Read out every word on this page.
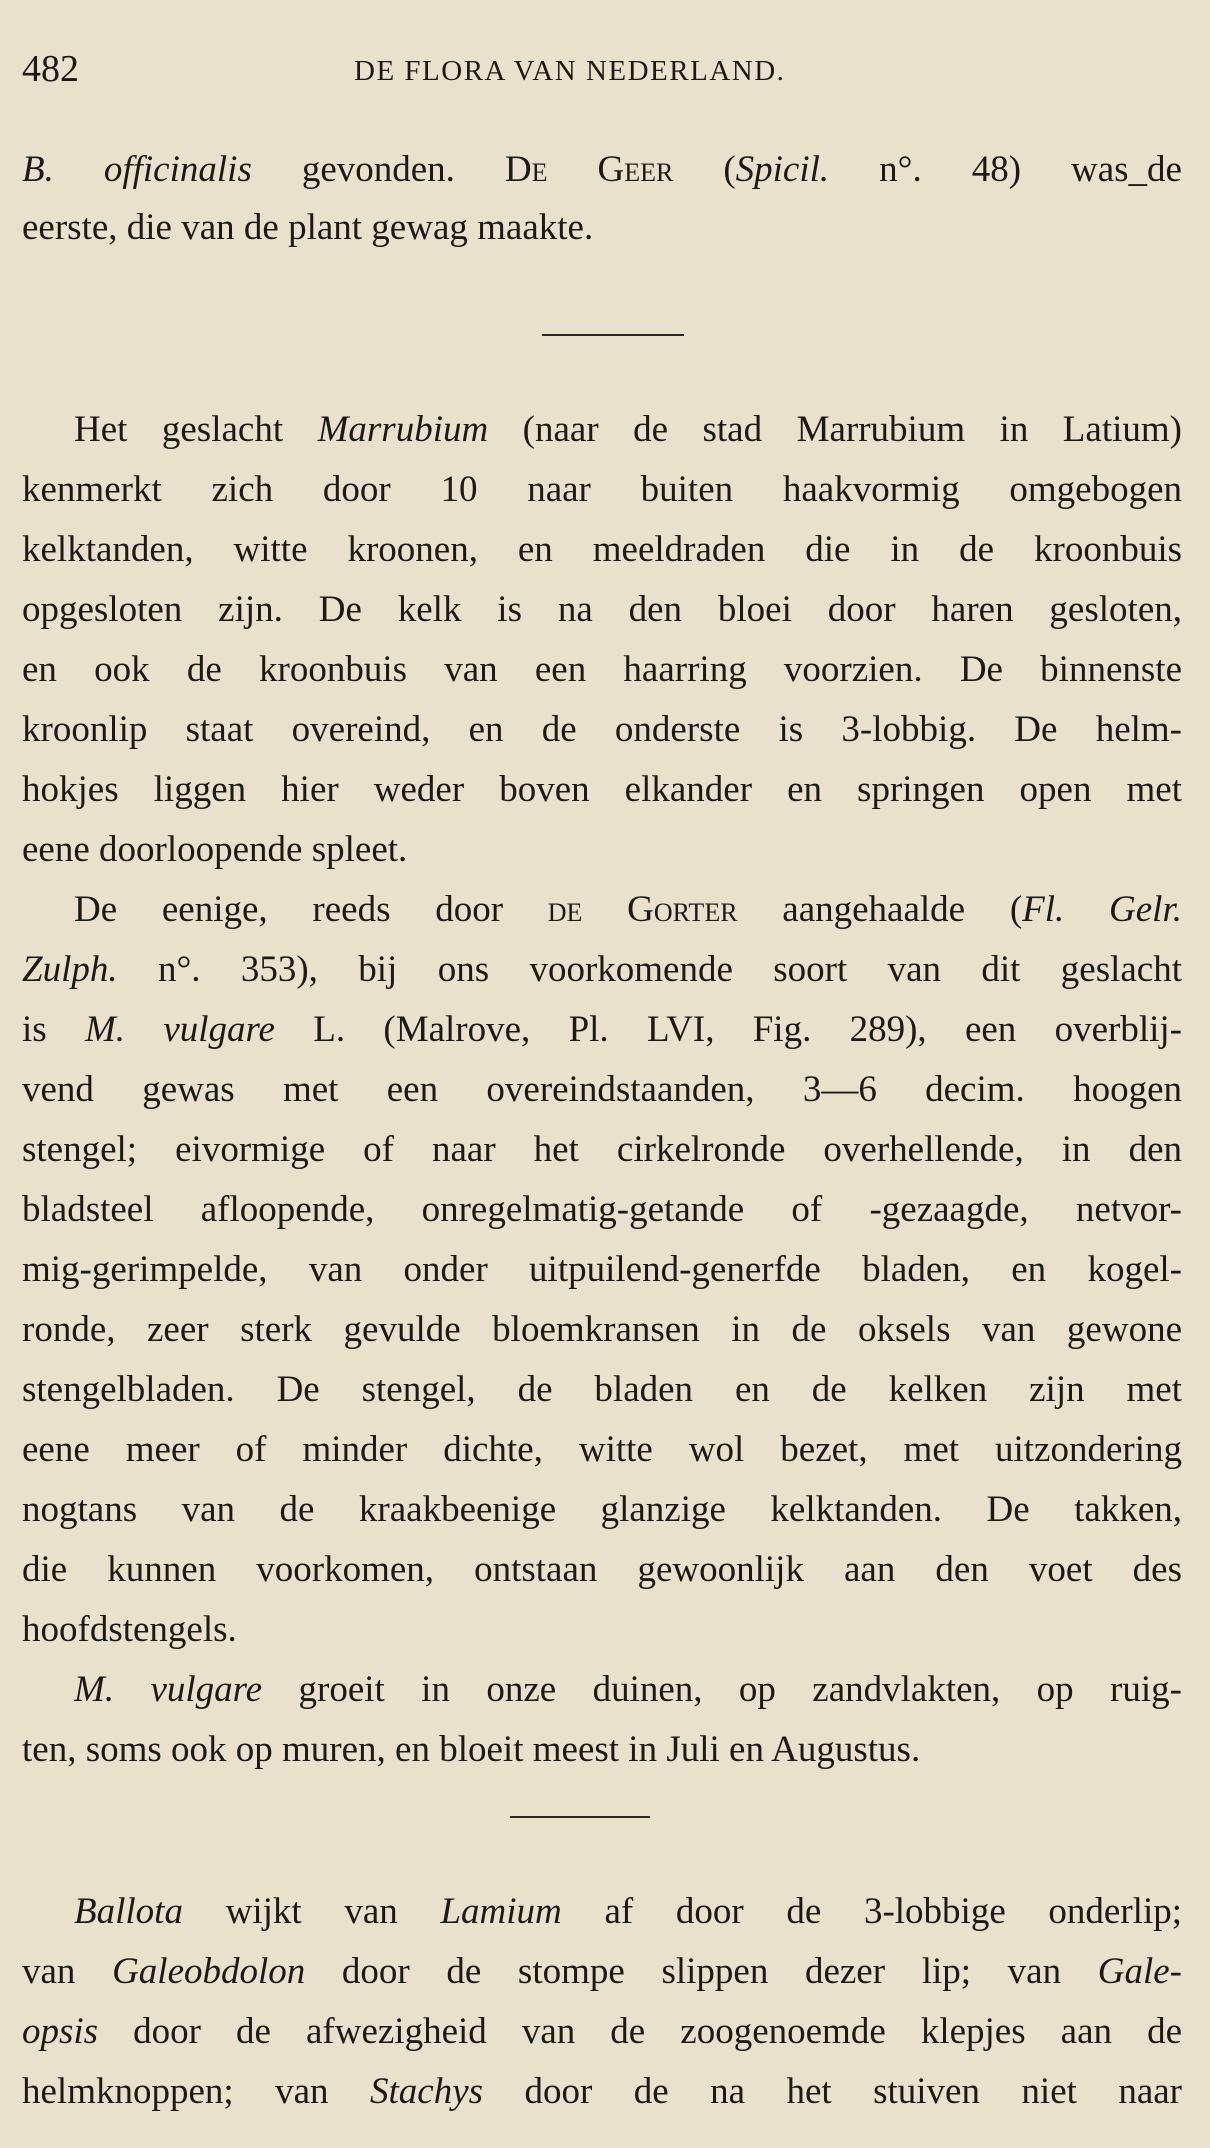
482	DE FLORA VAN NEDERLAND.
B. officinalis gevonden. De Geer (Spicil. n°. 48) was_de
eerste, die van de plant gewag maakte.
Het geslacht Marrubium (naar de stad Marrubium in Latium)
kenmerkt zich door 10 naar buiten haakvormig omgebogen
kelktanden, witte kroonen, en meeldraden die in de kroonbuis
opgesloten zijn. De kelk is na den bloei door haren gesloten,
en ook de kroonbuis van een haarring voorzien. De binnenste
kroonlip staat overeind, en de onderste is 3-lobbig. De helm-
hokjes liggen hier weder boven elkander en springen open met
eene doorloopende spleet.
De eenige, reeds door de Gorter aangehaalde (Fl. Gelr.
Zulph. n°. 353), bij ons voorkomende soort van dit geslacht
is M. vulgare L. (Malrove, Pl. LVI, Fig. 289), een overblij-
vend gewas met een overeindstaanden, 3—6 decim. hoogen
stengel; eivormige of naar het cirkelronde overhellende, in den
bladsteel afloopende, onregelmatig-getande of -gezaagde, netvor-
mig-gerimpelde, van onder uitpuilend-generfde bladen, en kogel-
ronde, zeer sterk gevulde bloemkransen in de oksels van gewone
stengelbladen. De stengel, de bladen en de kelken zijn met
eene meer of minder dichte, witte wol bezet, met uitzondering
nogtans van de kraakbeenige glanzige kelktanden. De takken,
die kunnen voorkomen, ontstaan gewoonlijk aan den voet des
hoofdstengels.
M. vulgare groeit in onze duinen, op zandvlakten, op ruig-
ten, soms ook op muren, en bloeit meest in Juli en Augustus.
Ballota wijkt van Lamium af door de 3-lobbige onderlip;
van Galeobdolon door de stompe slippen dezer lip; van Gale-
opsis door de afwezigheid van de zoogenoemde klepjes aan de
helmknoppen; van Stachys door de na het stuiven niet naar
